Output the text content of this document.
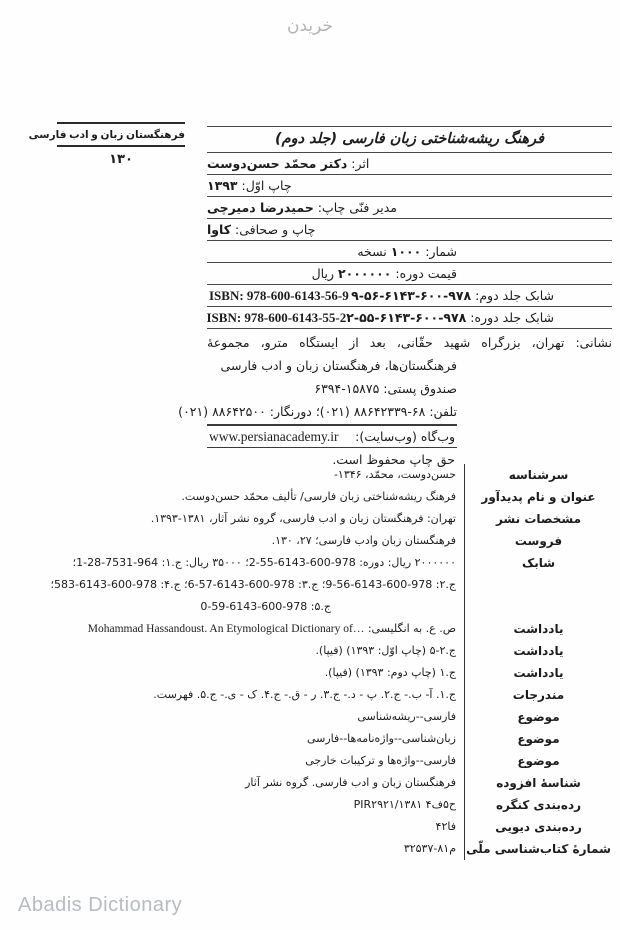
خریدن
فرهنگستان زبان و ادب فارسی
۱۳۰
فرهنگ ریشه‌شناختی زبان فارسی (جلد دوم)
اثر: دکتر محمّد حسن‌دوست
چاپ اوّل: ۱۳۹۳
مدیر فنّی چاپ: حمیدرضا دمیرچی
چاپ و صحافی: کاوا
شمار: ۱۰۰۰ نسخه
قیمت دوره: ۲۰۰۰۰۰۰ ریال
شابک جلد دوم: ۹۷۸-۶۰۰-۶۱۴۳-۵۶-۹
ISBN: 978-600-6143-56-9
شابک جلد دوره: ۹۷۸-۶۰۰-۶۱۴۳-۵۵-۲
ISBN: 978-600-6143-55-2
نشانی: تهران، بزرگراه شهید حقّانی، بعد از ایستگاه مترو، مجموعۀ
فرهنگستان‌ها، فرهنگستان زبان و ادب فارسی
صندوق پستی: ۱۵۸۷۵-۶۳۹۴
تلفن: ۶۸-۸۸۶۴۲۳۳۹ (۰۲۱)؛ دورنگار: ۸۸۶۴۲۵۰۰ (۰۲۱)
وب‌گاه (وب‌سایت):
www.persianacademy.ir
حق چاپ محفوظ است.
سرشناسه
حسن‌دوست، محمّد، ۱۳۴۶-
عنوان و نام پدیدآور
فرهنگ ریشه‌شناختی زبان فارسی/ تألیف محمّد حسن‌دوست.
مشخصات نشر
تهران: فرهنگستان زبان و ادب فارسی، گروه نشر آثار، ۱۳۸۱‏-‏۱۳۹۳.
فروست
فرهنگستان زبان وادب فارسی؛ ۲۷، ۱۳۰.
شابک
۲۰۰۰۰۰۰ ریال: دوره: 978-600-6143-55-2؛ ۳۵۰۰۰ ریال: ج.۱: 964-7531-28-1؛
ج.۲: 978-600-6143-56-9؛ ج.۳: 978-600-6143-57-6؛ ج.۴: 978-600-6143-583؛
ج.۵: 978-600-6143-59-0
یادداشت
ص. ع. به انگلیسی: Mohammad Hassandoust. An Etymological Dictionary of…
یادداشت
ج.۲‏-‏۵ (چاپ اوّل: ۱۳۹۳) (فیپا).
یادداشت
ج.۱ (چاپ دوم: ۱۳۹۳) (فیپا).
مندرجات
ج.۱. آ- ب.- ج.۲. پ - د.- ج.۳. ر - ق.- ج.۴. ک - ی.- ج.۵. فهرست.
موضوع
فارسی--ریشه‌شناسی
موضوع
زبان‌شناسی--واژه‌نامه‌ها--فارسی
موضوع
فارسی--واژه‌ها و ترکیبات خارجی
شناسۀ افزوده
فرهنگستان زبان و ادب فارسی. گروه نشر آثار
رده‌بندی کنگره
PIR۲۹۲۱/ح۵ف۴ ۱۳۸۱
رده‌بندی دیویی
۴فا۲
شمارۀ کتاب‌شناسی ملّی
م۸۱‏-‏۳۲۵۳۷
Abadis Dictionary
